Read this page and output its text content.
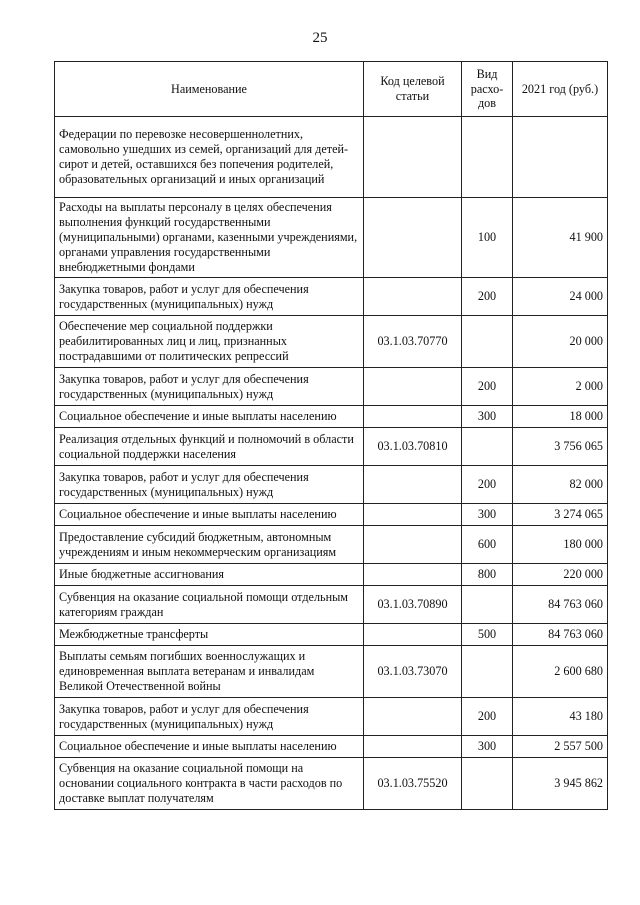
25
Наименование	Код целевой статьи	Вид расхо-дов	2021 год (руб.)
Федерации по перевозке несовершеннолетних, самовольно ушедших из семей, организаций для детей-сирот и детей, оставшихся без попечения родителей, образовательных организаций и иных организаций			
Расходы на выплаты персоналу в целях обеспечения выполнения функций государственными (муниципальными) органами, казенными учреждениями, органами управления государственными внебюджетными фондами		100	41 900
Закупка товаров, работ и услуг для обеспечения государственных (муниципальных) нужд		200	24 000
Обеспечение мер социальной поддержки реабилитированных лиц и лиц, признанных пострадавшими от политических репрессий	03.1.03.70770		20 000
Закупка товаров, работ и услуг для обеспечения государственных (муниципальных) нужд		200	2 000
Социальное обеспечение и иные выплаты населению		300	18 000
Реализация отдельных функций и полномочий в области социальной поддержки населения	03.1.03.70810		3 756 065
Закупка товаров, работ и услуг для обеспечения государственных (муниципальных) нужд		200	82 000
Социальное обеспечение и иные выплаты населению		300	3 274 065
Предоставление субсидий бюджетным, автономным учреждениям и иным некоммерческим организациям		600	180 000
Иные бюджетные ассигнования		800	220 000
Субвенция на оказание социальной помощи отдельным категориям граждан	03.1.03.70890		84 763 060
Межбюджетные трансферты		500	84 763 060
Выплаты семьям погибших военнослужащих и единовременная выплата ветеранам и инвалидам Великой Отечественной войны	03.1.03.73070		2 600 680
Закупка товаров, работ и услуг для обеспечения государственных (муниципальных) нужд		200	43 180
Социальное обеспечение и иные выплаты населению		300	2 557 500
Субвенция на оказание социальной помощи на основании социального контракта в части расходов по доставке выплат получателям	03.1.03.75520		3 945 862
